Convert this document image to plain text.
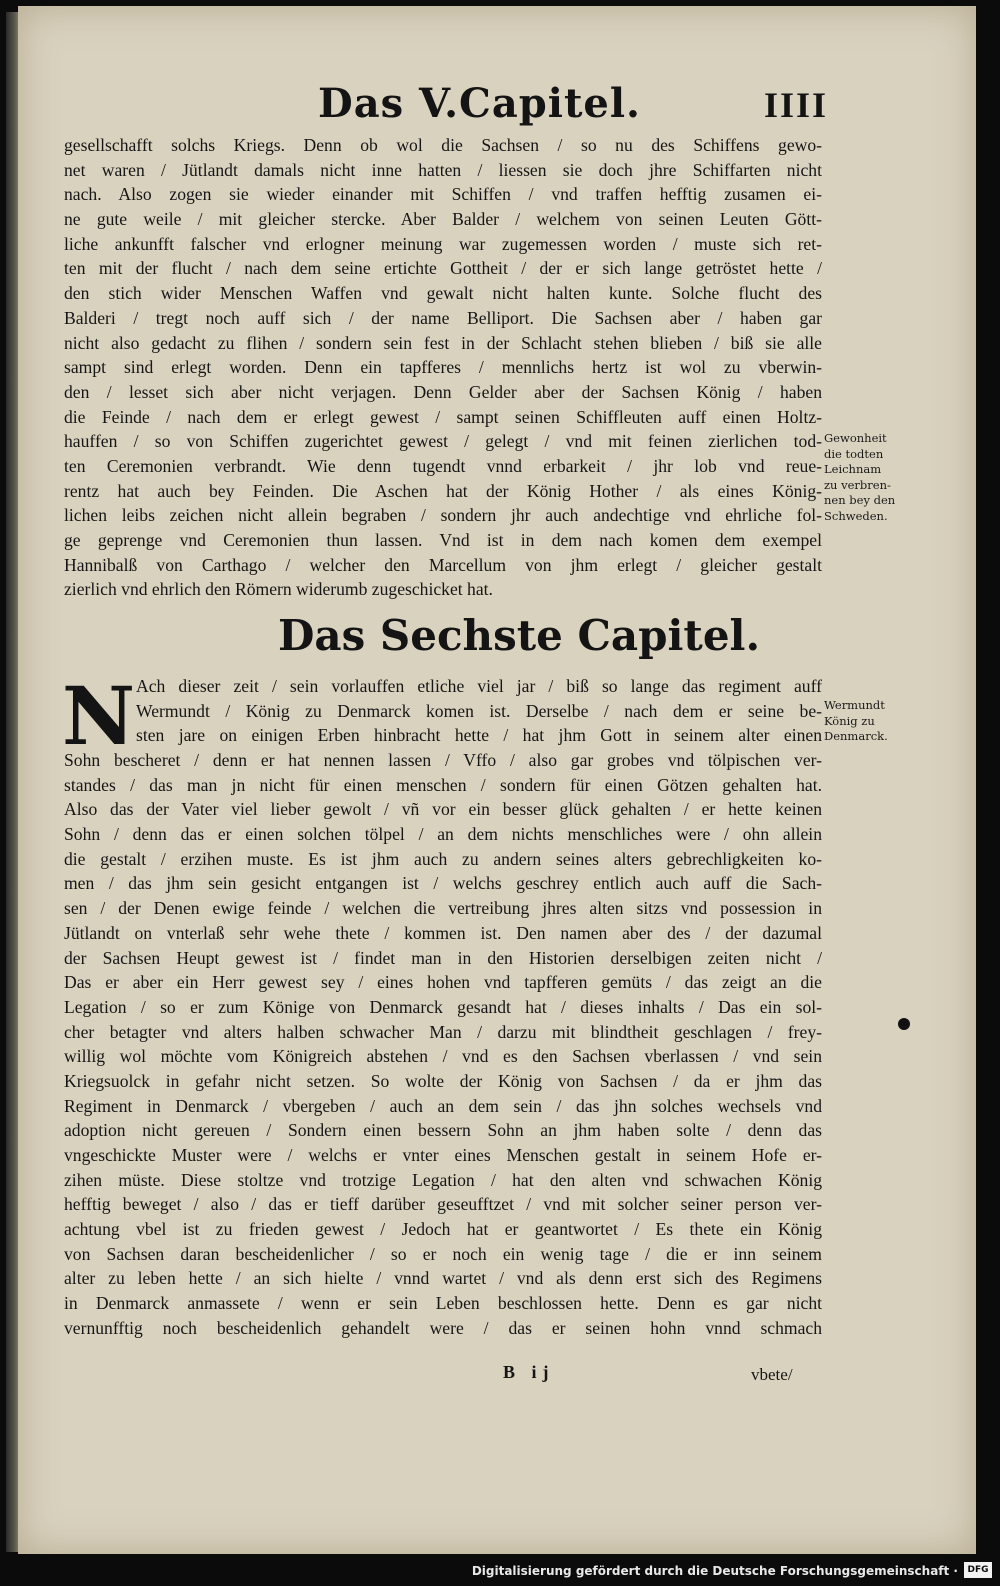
Das V.Capitel.	IIII
gesellschafft solchs Kriegs. Denn ob wol die Sachsen / so nu des Schiffens gewo-
net waren / Jütlandt damals nicht inne hatten / liessen sie doch jhre Schiffarten nicht
nach. Also zogen sie wieder einander mit Schiffen / vnd traffen hefftig zusamen ei-
ne gute weile / mit gleicher stercke. Aber Balder / welchem von seinen Leuten Gött-
liche ankunfft falscher vnd erlogner meinung war zugemessen worden / muste sich ret-
ten mit der flucht / nach dem seine ertichte Gottheit / der er sich lange getröstet hette /
den stich wider Menschen Waffen vnd gewalt nicht halten kunte. Solche flucht des
Balderi / tregt noch auff sich / der name Belliport. Die Sachsen aber / haben gar
nicht also gedacht zu flihen / sondern sein fest in der Schlacht stehen blieben / biß sie alle
sampt sind erlegt worden. Denn ein tapfferes / mennlichs hertz ist wol zu vberwin-
den / lesset sich aber nicht verjagen. Denn Gelder aber der Sachsen König / haben
die Feinde / nach dem er erlegt gewest / sampt seinen Schiffleuten auff einen Holtz-
hauffen / so von Schiffen zugerichtet gewest / gelegt / vnd mit feinen zierlichen tod-
ten Ceremonien verbrandt. Wie denn tugendt vnnd erbarkeit / jhr lob vnd reue-
rentz hat auch bey Feinden. Die Aschen hat der König Hother / als eines König-
lichen leibs zeichen nicht allein begraben / sondern jhr auch andechtige vnd ehrliche fol-
ge geprenge vnd Ceremonien thun lassen. Vnd ist in dem nach komen dem exempel
Hannibalß von Carthago / welcher den Marcellum von jhm erlegt / gleicher gestalt
zierlich vnd ehrlich den Römern widerumb zugeschicket hat.
Gewonheit
die todten
Leichnam
zu verbren-
nen bey den
Schweden.
Das Sechste Capitel.
N Ach dieser zeit / sein vorlauffen etliche viel jar / biß so lange das regiment auff
Wermundt / König zu Denmarck komen ist. Derselbe / nach dem er seine be-
sten jare on einigen Erben hinbracht hette / hat jhm Gott in seinem alter einen
Sohn bescheret / denn er hat nennen lassen / Vffo / also gar grobes vnd tölpischen ver-
standes / das man jn nicht für einen menschen / sondern für einen Götzen gehalten hat.
Also das der Vater viel lieber gewolt / vñ vor ein besser glück gehalten / er hette keinen
Sohn / denn das er einen solchen tölpel / an dem nichts menschliches were / ohn allein
die gestalt / erzihen muste. Es ist jhm auch zu andern seines alters gebrechligkeiten ko-
men / das jhm sein gesicht entgangen ist / welchs geschrey entlich auch auff die Sach-
sen / der Denen ewige feinde / welchen die vertreibung jhres alten sitzs vnd possession in
Jütlandt on vnterlaß sehr wehe thete / kommen ist. Den namen aber des / der dazumal
der Sachsen Heupt gewest ist / findet man in den Historien derselbigen zeiten nicht /
Das er aber ein Herr gewest sey / eines hohen vnd tapfferen gemüts / das zeigt an die
Legation / so er zum Könige von Denmarck gesandt hat / dieses inhalts / Das ein sol-
cher betagter vnd alters halben schwacher Man / darzu mit blindtheit geschlagen / frey-
willig wol möchte vom Königreich abstehen / vnd es den Sachsen vberlassen / vnd sein
Kriegsuolck in gefahr nicht setzen. So wolte der König von Sachsen / da er jhm das
Regiment in Denmarck / vbergeben / auch an dem sein / das jhn solches wechsels vnd
adoption nicht gereuen / Sondern einen bessern Sohn an jhm haben solte / denn das
vngeschickte Muster were / welchs er vnter eines Menschen gestalt in seinem Hofe er-
zihen müste. Diese stoltze vnd trotzige Legation / hat den alten vnd schwachen König
hefftig beweget / also / das er tieff darüber geseufftzet / vnd mit solcher seiner person ver-
achtung vbel ist zu frieden gewest / Jedoch hat er geantwortet / Es thete ein König
von Sachsen daran bescheidenlicher / so er noch ein wenig tage / die er inn seinem
alter zu leben hette / an sich hielte / vnnd wartet / vnd als denn erst sich des Regimens
in Denmarck anmassete / wenn er sein Leben beschlossen hette. Denn es gar nicht
vernunfftig noch bescheidenlich gehandelt were / das er seinen hohn vnnd schmach
Wermundt
König zu
Denmarck.
B ij	vbete/
Digitalisierung gefördert durch die Deutsche Forschungsgemeinschaft ·	DFG
